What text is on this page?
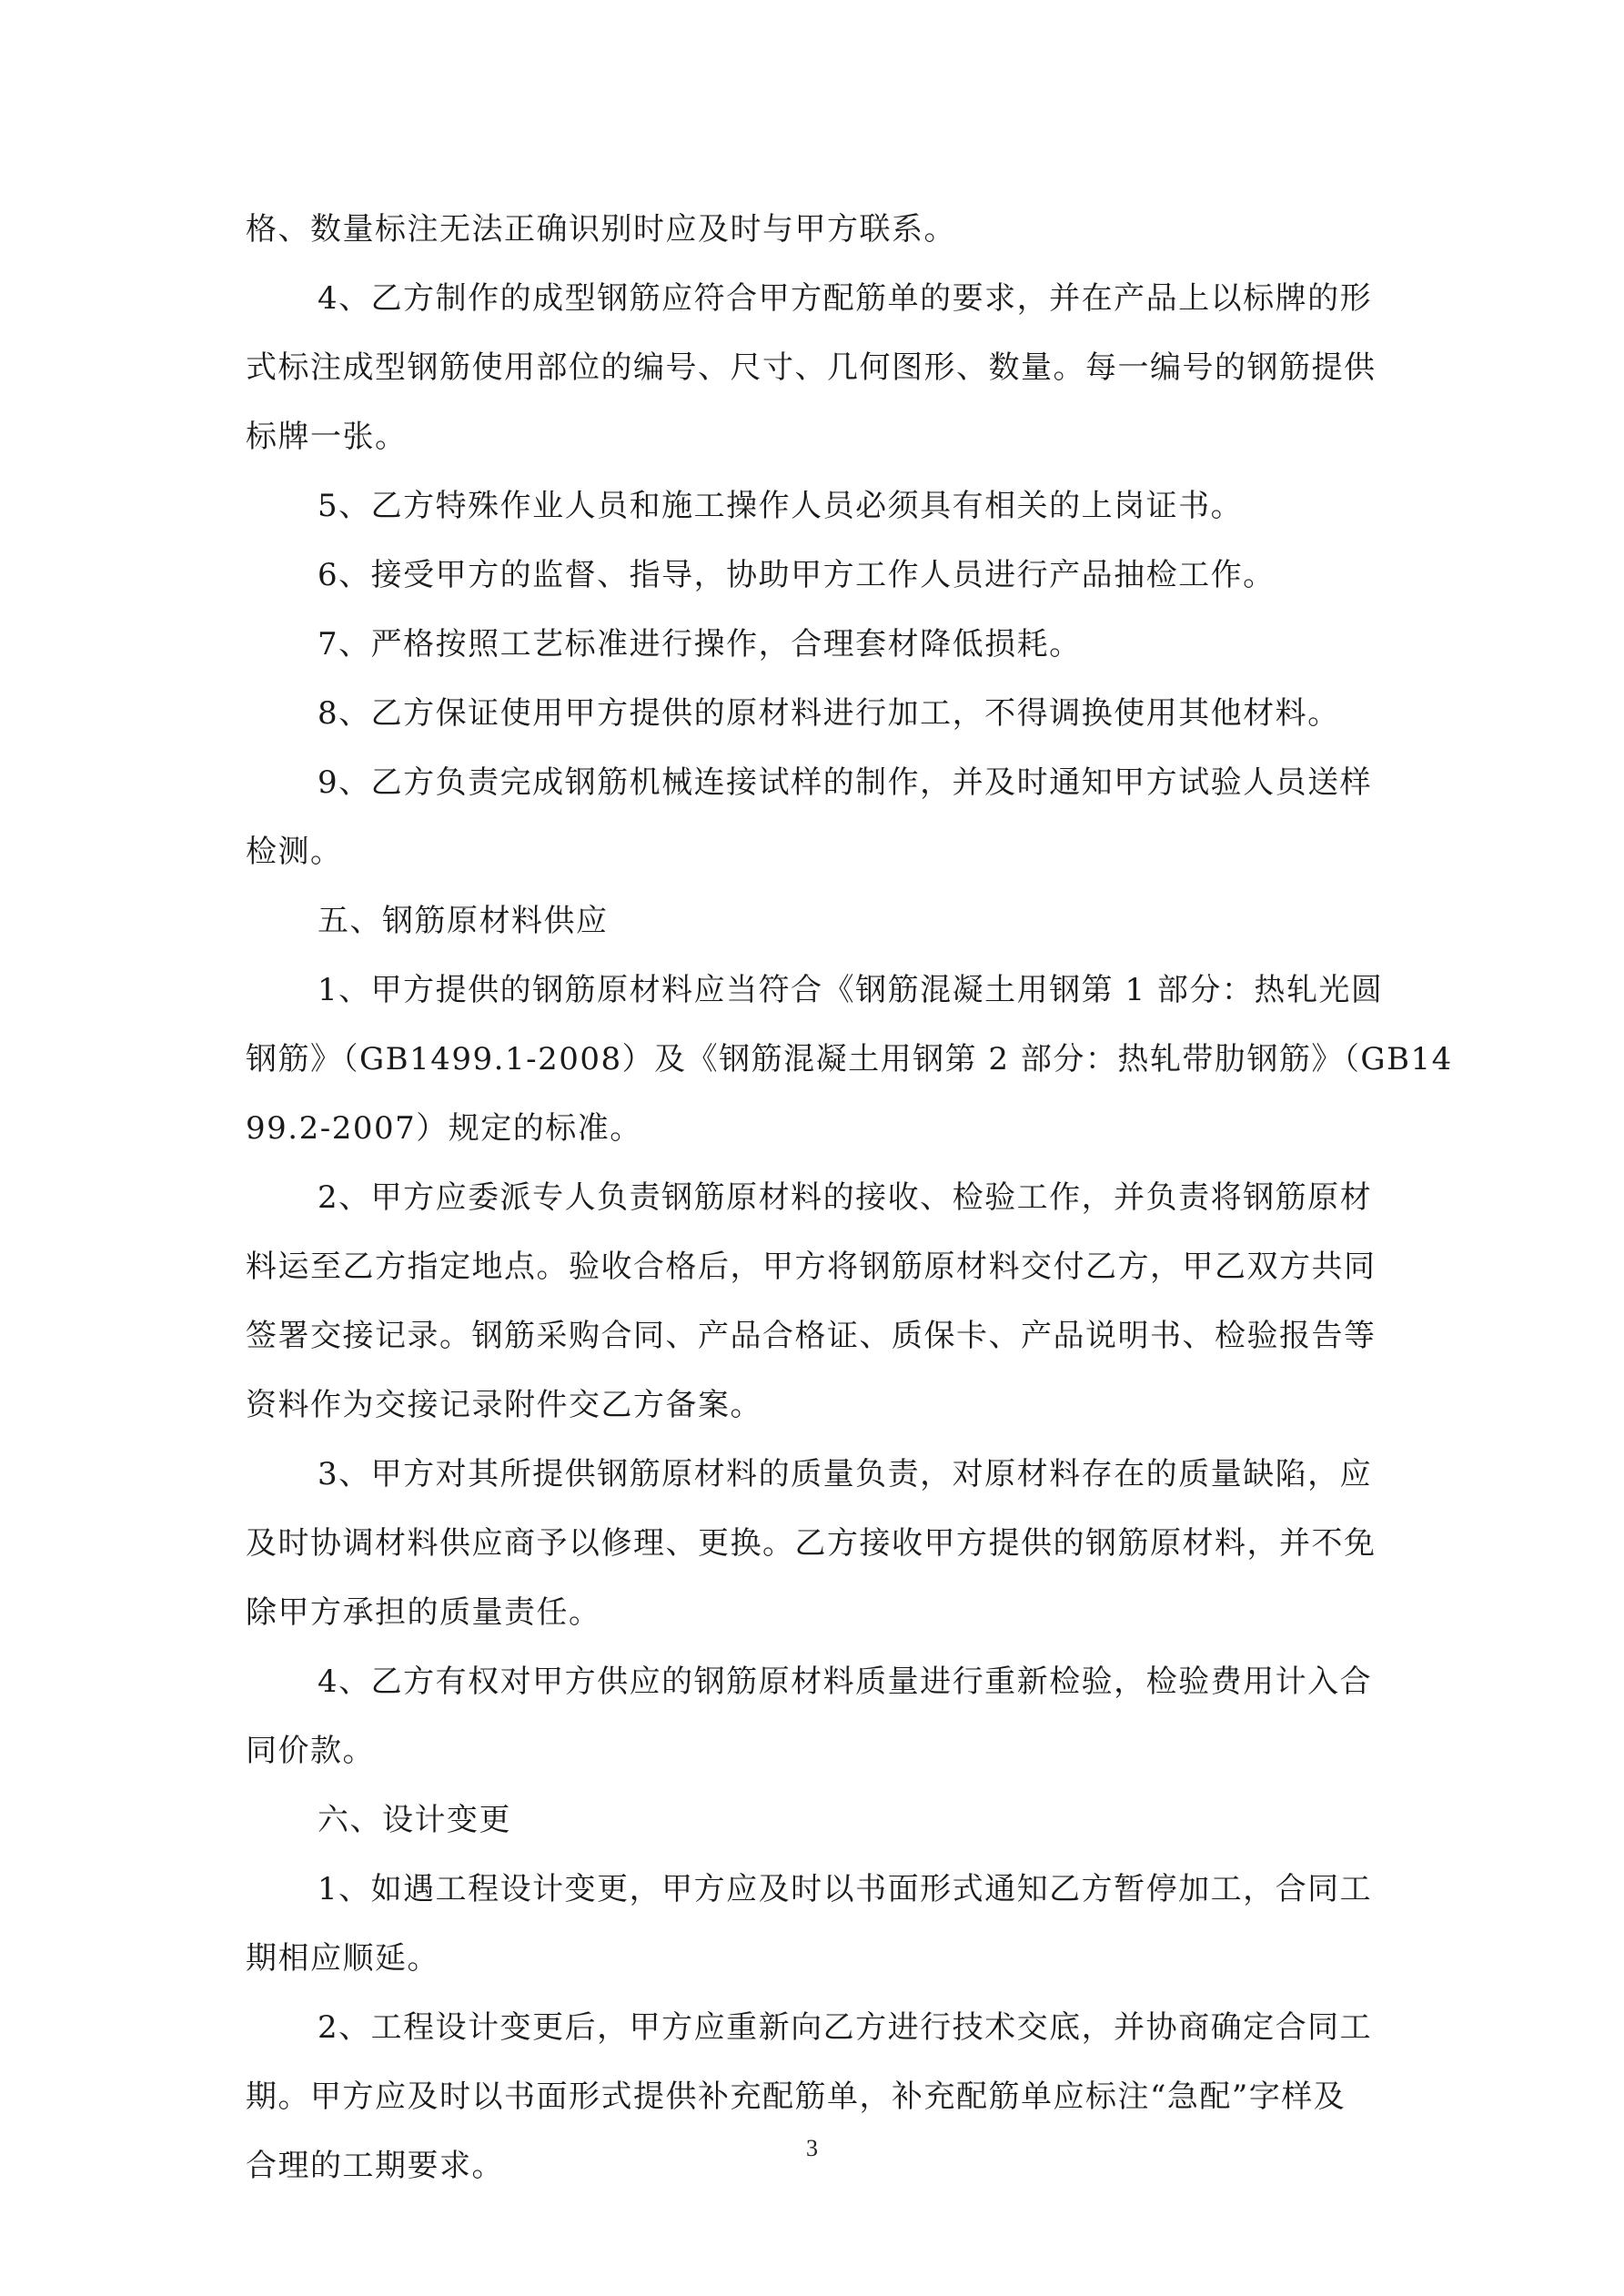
格、数量标注无法正确识别时应及时与甲方联系。
4、乙方制作的成型钢筋应符合甲方配筋单的要求，并在产品上以标牌的形
式标注成型钢筋使用部位的编号、尺寸、几何图形、数量。每一编号的钢筋提供
标牌一张。
5、乙方特殊作业人员和施工操作人员必须具有相关的上岗证书。
6、接受甲方的监督、指导，协助甲方工作人员进行产品抽检工作。
7、严格按照工艺标准进行操作，合理套材降低损耗。
8、乙方保证使用甲方提供的原材料进行加工，不得调换使用其他材料。
9、乙方负责完成钢筋机械连接试样的制作，并及时通知甲方试验人员送样
检测。
五、钢筋原材料供应
1、甲方提供的钢筋原材料应当符合《钢筋混凝土用钢第 1 部分：热轧光圆
钢筋》（GB1499.1-2008）及《钢筋混凝土用钢第 2 部分：热轧带肋钢筋》（GB14
99.2-2007）规定的标准。
2、甲方应委派专人负责钢筋原材料的接收、检验工作，并负责将钢筋原材
料运至乙方指定地点。验收合格后，甲方将钢筋原材料交付乙方，甲乙双方共同
签署交接记录。钢筋采购合同、产品合格证、质保卡、产品说明书、检验报告等
资料作为交接记录附件交乙方备案。
3、甲方对其所提供钢筋原材料的质量负责，对原材料存在的质量缺陷，应
及时协调材料供应商予以修理、更换。乙方接收甲方提供的钢筋原材料，并不免
除甲方承担的质量责任。
4、乙方有权对甲方供应的钢筋原材料质量进行重新检验，检验费用计入合
同价款。
六、设计变更
1、如遇工程设计变更，甲方应及时以书面形式通知乙方暂停加工，合同工
期相应顺延。
2、工程设计变更后，甲方应重新向乙方进行技术交底，并协商确定合同工
期。甲方应及时以书面形式提供补充配筋单，补充配筋单应标注“急配”字样及
合理的工期要求。	3
